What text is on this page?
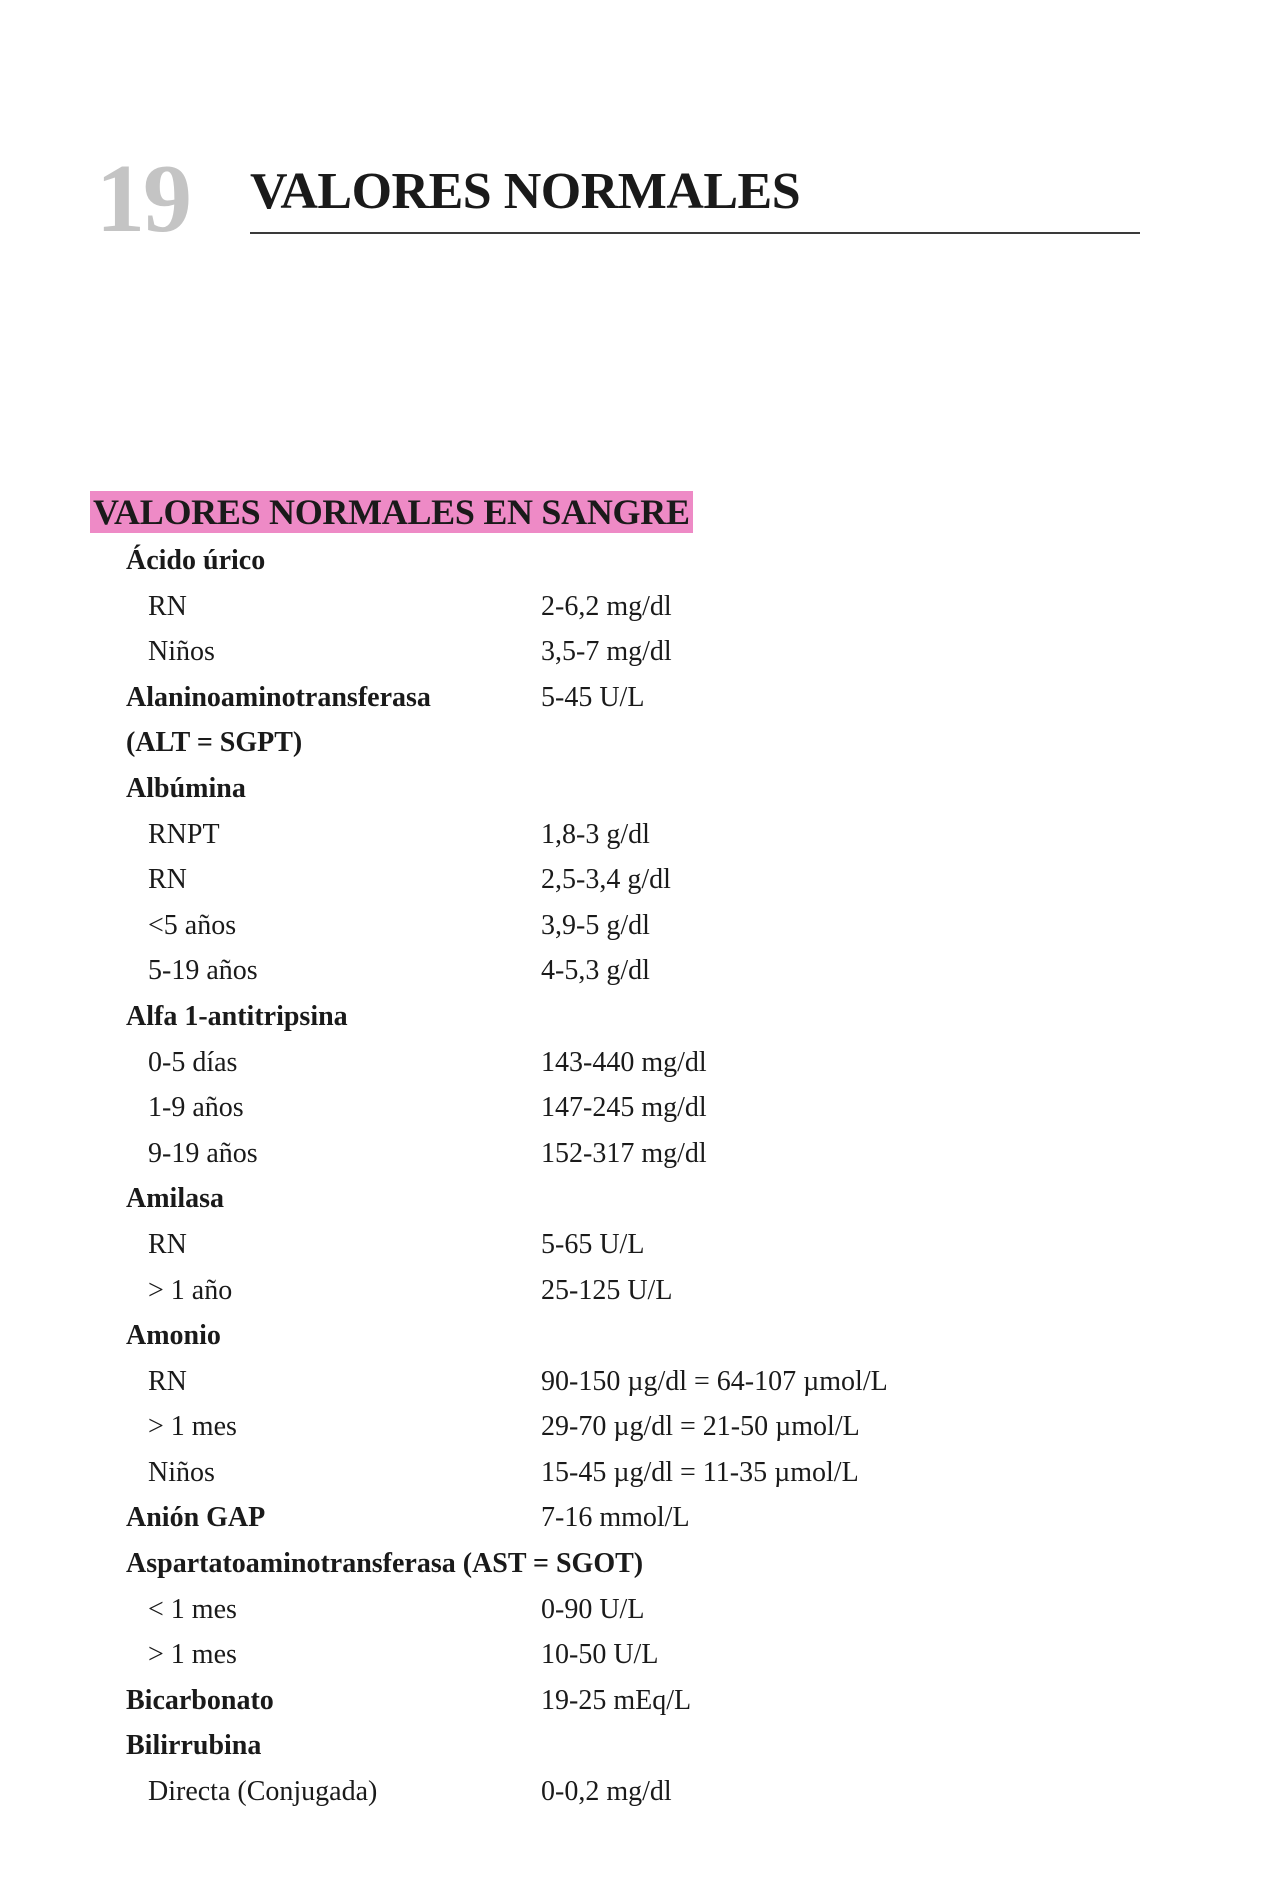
19 VALORES NORMALES
VALORES NORMALES EN SANGRE
Ácido úrico
RN	2-6,2 mg/dl
Niños	3,5-7 mg/dl
Alaninoaminotransferasa	5-45 U/L
(ALT = SGPT)
Albúmina
RNPT	1,8-3 g/dl
RN	2,5-3,4 g/dl
<5 años	3,9-5 g/dl
5-19 años	4-5,3 g/dl
Alfa 1-antitripsina
0-5 días	143-440 mg/dl
1-9 años	147-245 mg/dl
9-19 años	152-317 mg/dl
Amilasa
RN	5-65 U/L
> 1 año	25-125 U/L
Amonio
RN	90-150 µg/dl = 64-107 µmol/L
> 1 mes	29-70 µg/dl = 21-50 µmol/L
Niños	15-45 µg/dl = 11-35 µmol/L
Anión GAP	7-16 mmol/L
Aspartatoaminotransferasa (AST = SGOT)
< 1 mes	0-90 U/L
> 1 mes	10-50 U/L
Bicarbonato	19-25 mEq/L
Bilirrubina
Directa (Conjugada)	0-0,2 mg/dl
